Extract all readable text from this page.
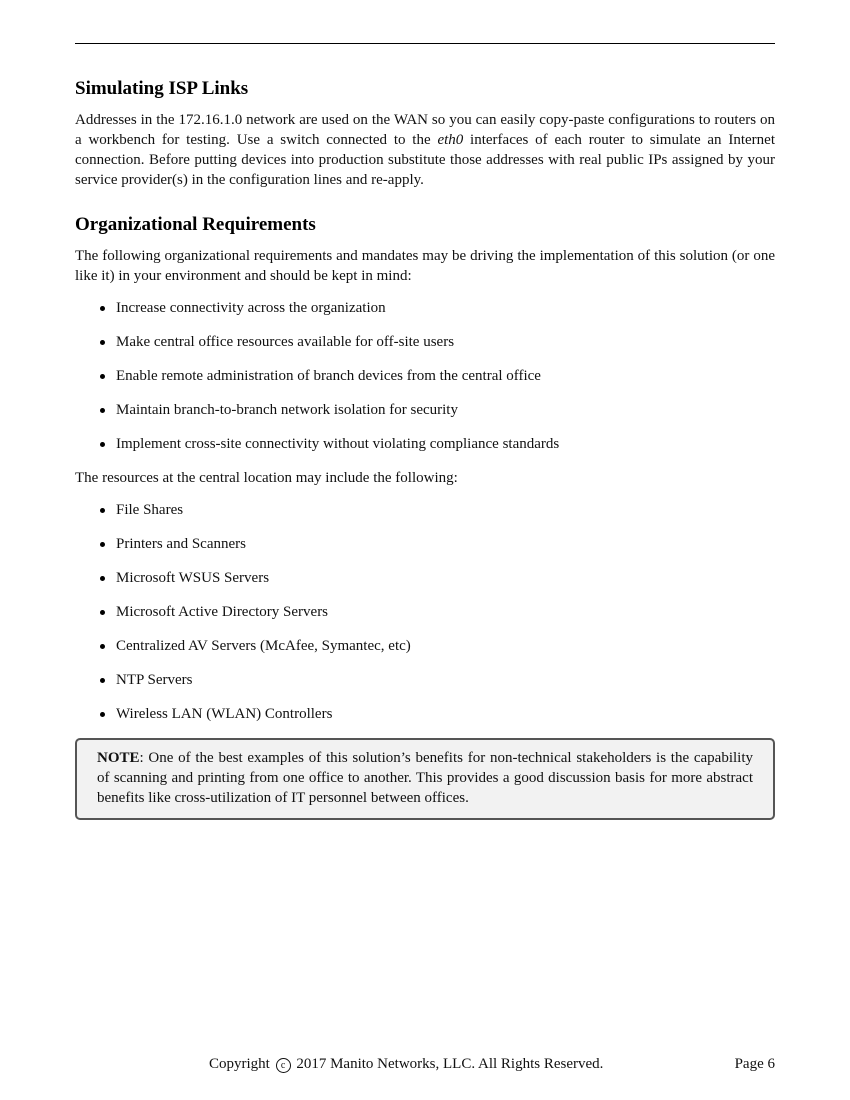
Simulating ISP Links

Addresses in the 172.16.1.0 network are used on the WAN so you can easily copy-paste configurations to routers on a workbench for testing. Use a switch connected to the eth0 interfaces of each router to simulate an Internet connection. Before putting devices into production substitute those addresses with real public IPs assigned by your service provider(s) in the configuration lines and re-apply.

Organizational Requirements

The following organizational requirements and mandates may be driving the implementation of this solution (or one like it) in your environment and should be kept in mind:

Increase connectivity across the organization
Make central office resources available for off-site users
Enable remote administration of branch devices from the central office
Maintain branch-to-branch network isolation for security
Implement cross-site connectivity without violating compliance standards

The resources at the central location may include the following:

File Shares
Printers and Scanners
Microsoft WSUS Servers
Microsoft Active Directory Servers
Centralized AV Servers (McAfee, Symantec, etc)
NTP Servers
Wireless LAN (WLAN) Controllers
NOTE: One of the best examples of this solution’s benefits for non-technical stakeholders is the capability of scanning and printing from one office to another. This provides a good discussion basis for more abstract benefits like cross-utilization of IT personnel between offices.
Copyright c 2017 Manito Networks, LLC. All Rights Reserved.	Page 6
